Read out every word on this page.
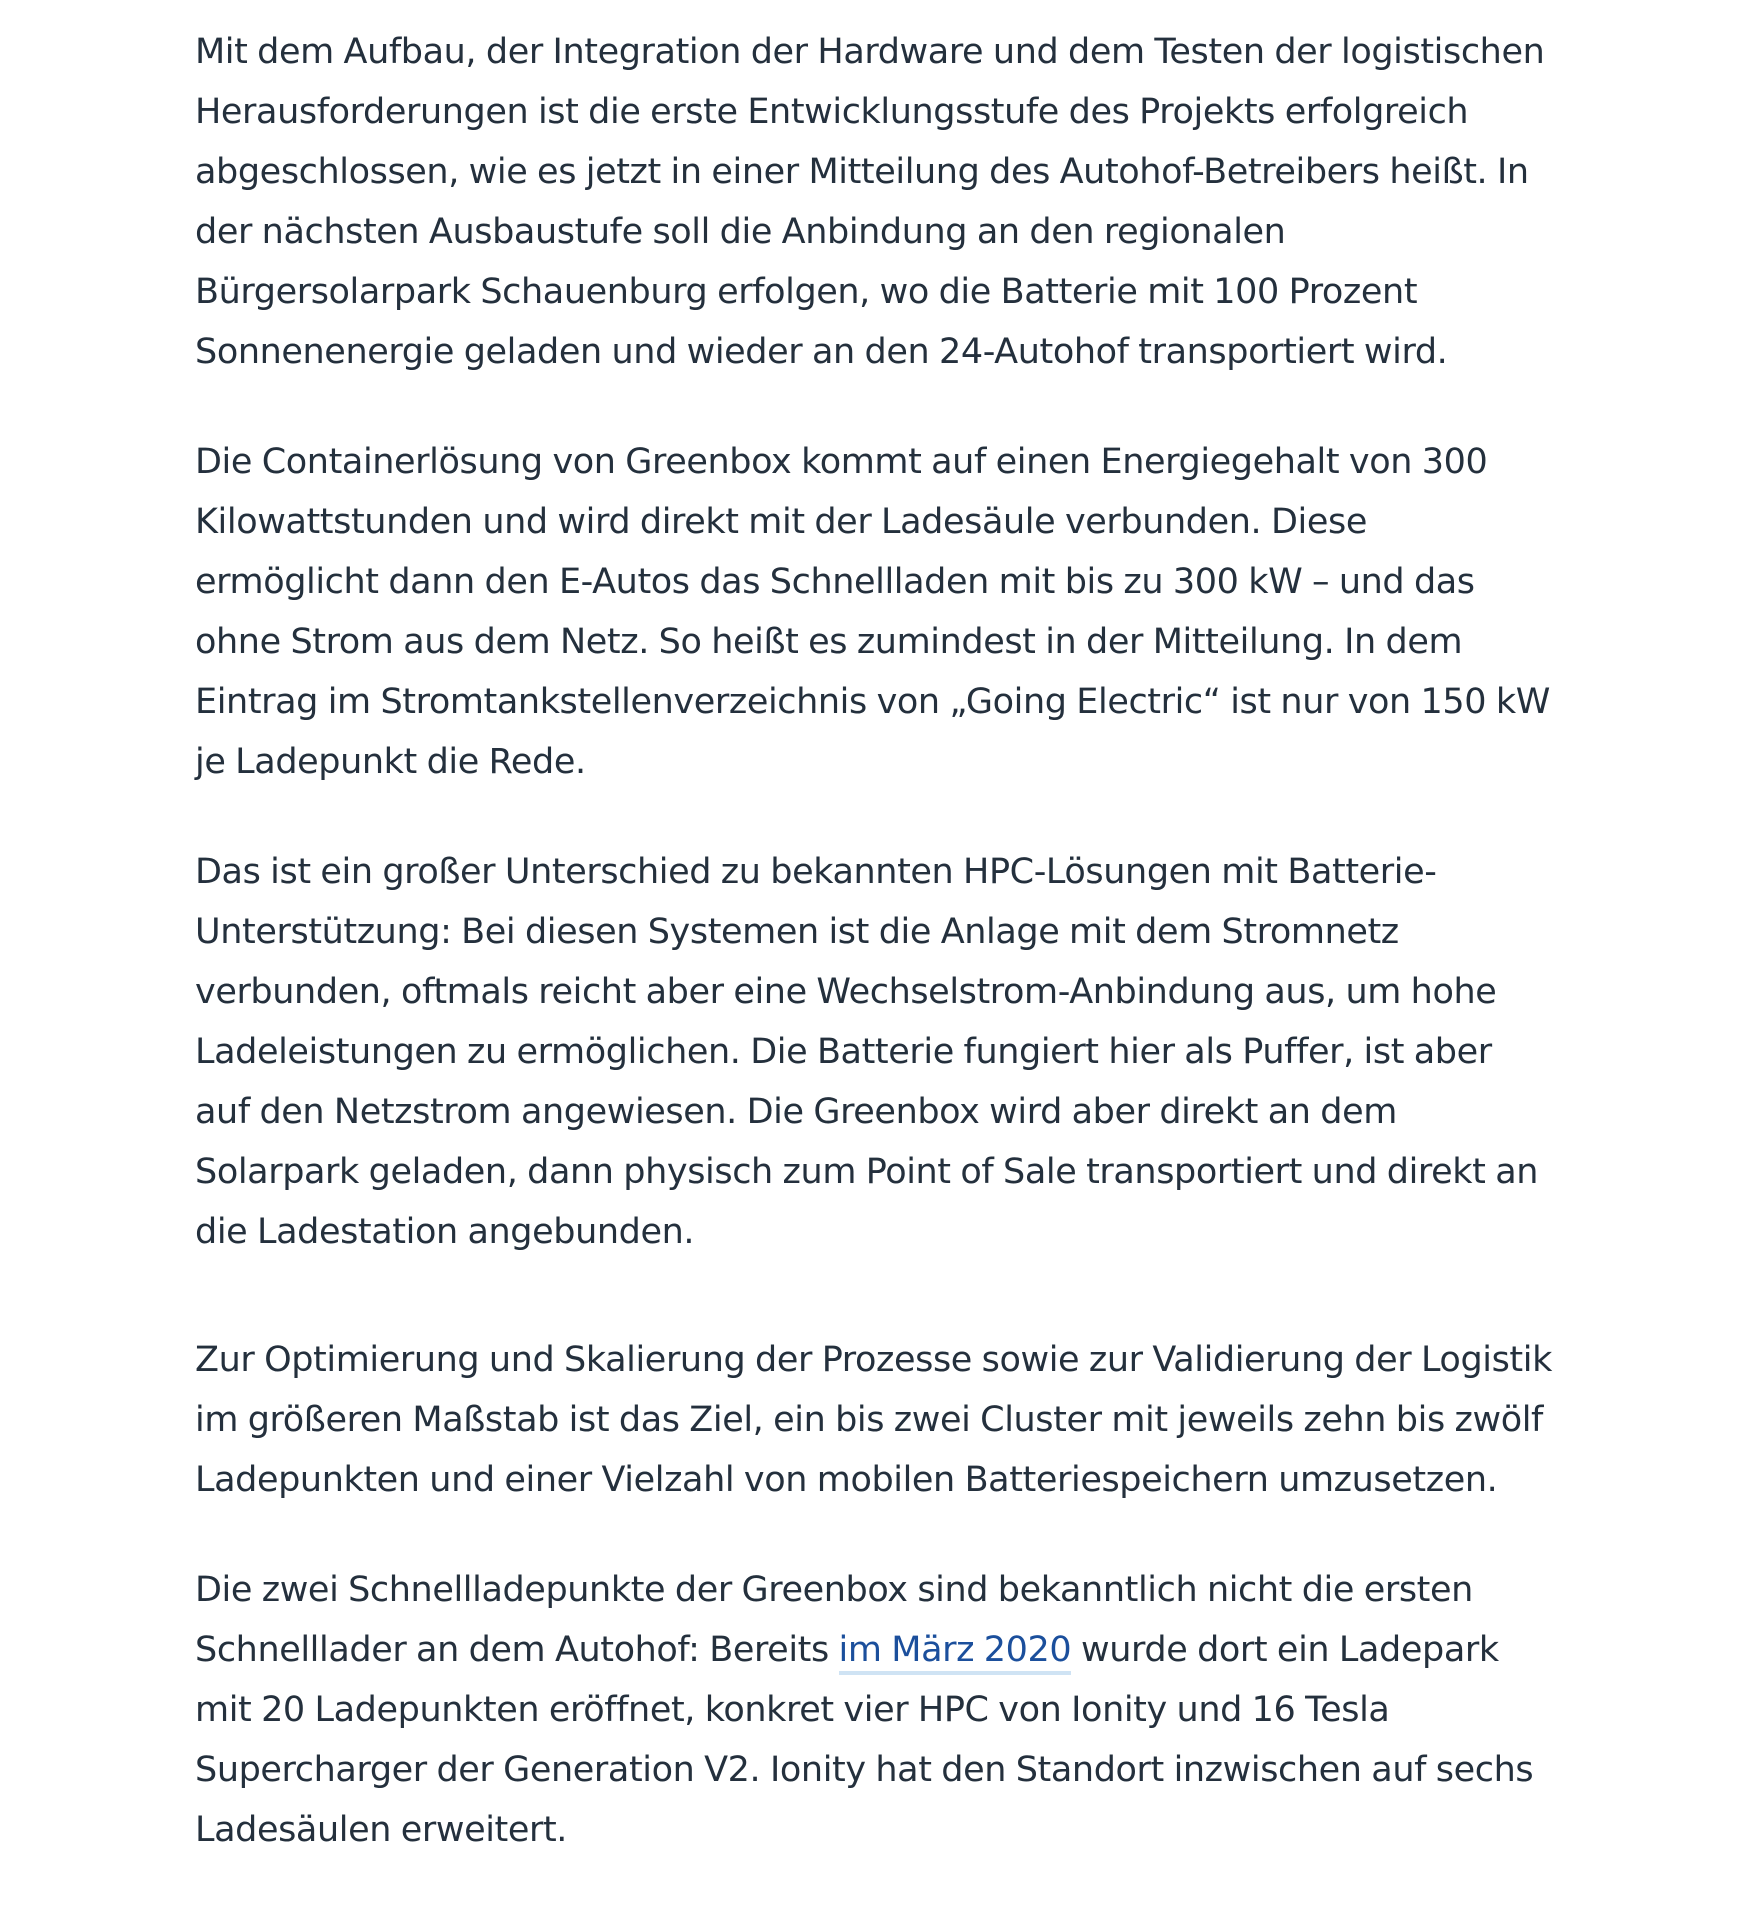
Mit dem Aufbau, der Integration der Hardware und dem Testen der logistischen Herausforderungen ist die erste Entwicklungsstufe des Projekts erfolgreich abgeschlossen, wie es jetzt in einer Mitteilung des Autohof-Betreibers heißt. In der nächsten Ausbaustufe soll die Anbindung an den regionalen Bürgersolarpark Schauenburg erfolgen, wo die Batterie mit 100 Prozent Sonnenenergie geladen und wieder an den 24-Autohof transportiert wird.

Die Containerlösung von Greenbox kommt auf einen Energiegehalt von 300 Kilowattstunden und wird direkt mit der Ladesäule verbunden. Diese ermöglicht dann den E-Autos das Schnellladen mit bis zu 300 kW – und das ohne Strom aus dem Netz. So heißt es zumindest in der Mitteilung. In dem Eintrag im Stromtankstellenverzeichnis von „Going Electric“ ist nur von 150 kW je Ladepunkt die Rede.

Das ist ein großer Unterschied zu bekannten HPC-Lösungen mit Batterie-Unterstützung: Bei diesen Systemen ist die Anlage mit dem Stromnetz verbunden, oftmals reicht aber eine Wechselstrom-Anbindung aus, um hohe Ladeleistungen zu ermöglichen. Die Batterie fungiert hier als Puffer, ist aber auf den Netzstrom angewiesen. Die Greenbox wird aber direkt an dem Solarpark geladen, dann physisch zum Point of Sale transportiert und direkt an die Ladestation angebunden.

Zur Optimierung und Skalierung der Prozesse sowie zur Validierung der Logistik im größeren Maßstab ist das Ziel, ein bis zwei Cluster mit jeweils zehn bis zwölf Ladepunkten und einer Vielzahl von mobilen Batteriespeichern umzusetzen.

Die zwei Schnellladepunkte der Greenbox sind bekanntlich nicht die ersten Schnelllader an dem Autohof: Bereits im März 2020 wurde dort ein Ladepark mit 20 Ladepunkten eröffnet, konkret vier HPC von Ionity und 16 Tesla Supercharger der Generation V2. Ionity hat den Standort inzwischen auf sechs Ladesäulen erweitert.
